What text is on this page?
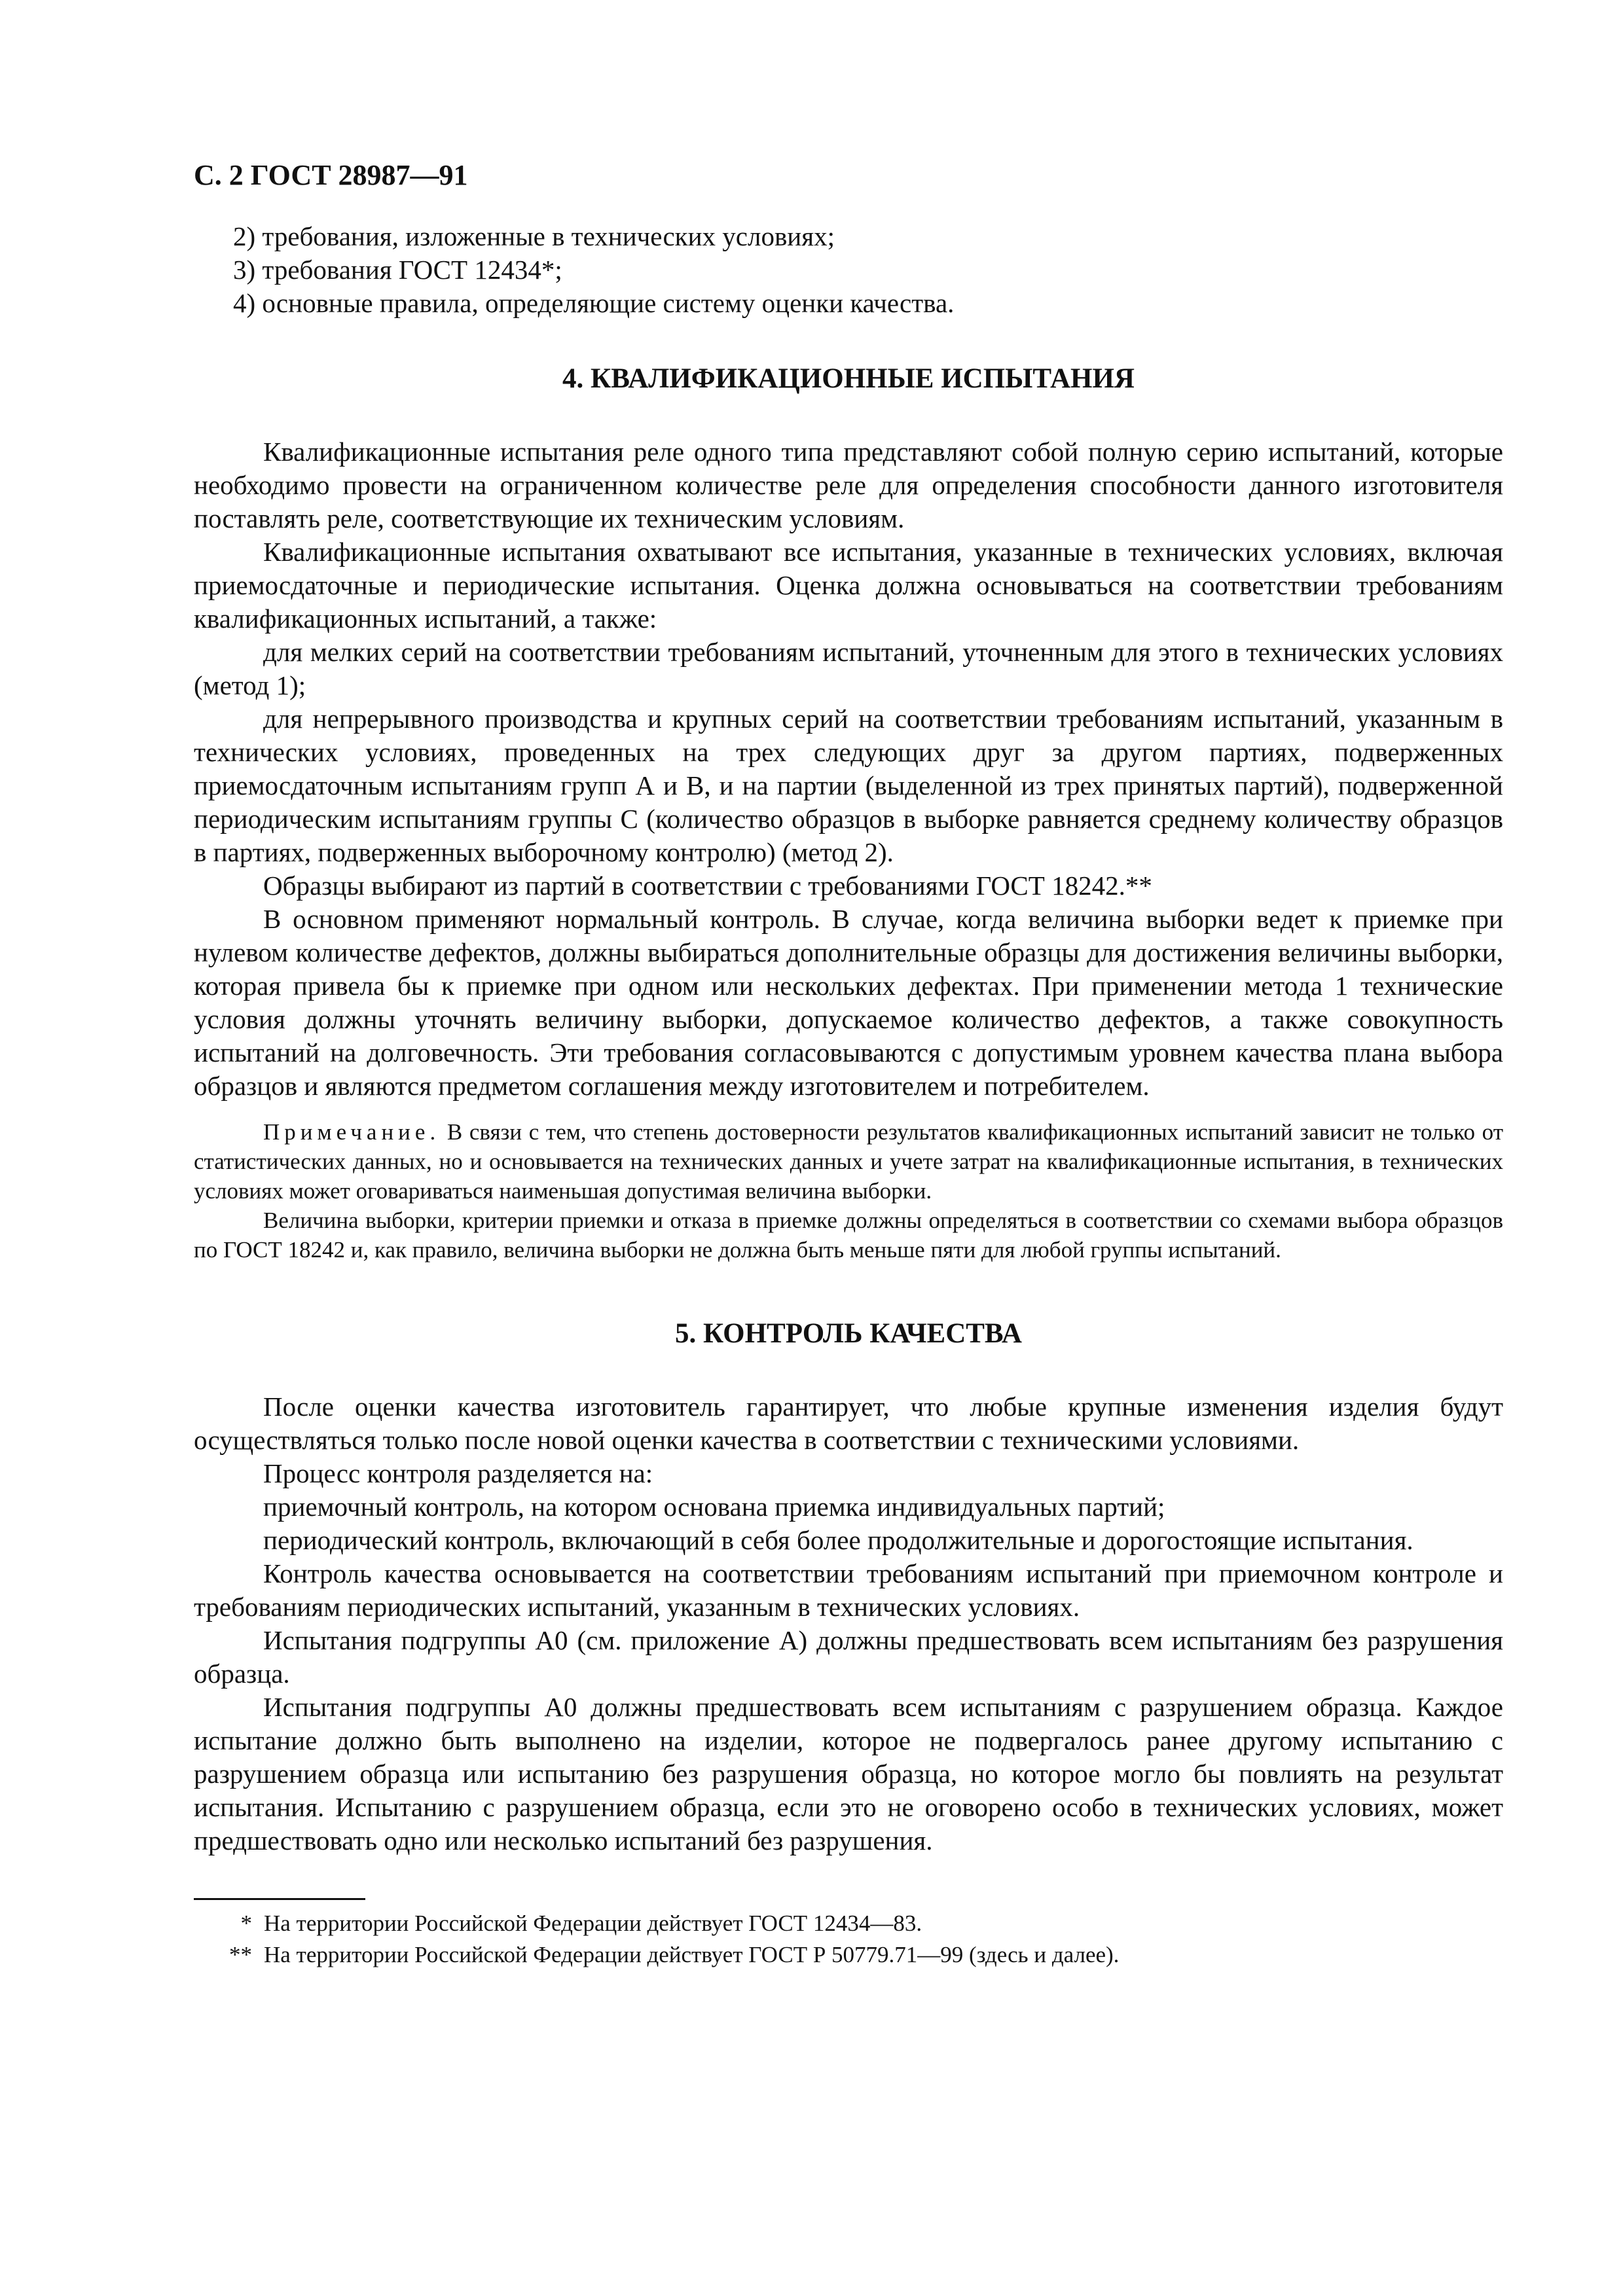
С. 2 ГОСТ 28987—91
2) требования, изложенные в технических условиях;
3) требования ГОСТ 12434*;
4) основные правила, определяющие систему оценки качества.
4. КВАЛИФИКАЦИОННЫЕ ИСПЫТАНИЯ

Квалификационные испытания реле одного типа представляют собой полную серию испытаний, которые необходимо провести на ограниченном количестве реле для определения способности данного изготовителя поставлять реле, соответствующие их техническим условиям.

Квалификационные испытания охватывают все испытания, указанные в технических условиях, включая приемосдаточные и периодические испытания. Оценка должна основываться на соответствии требованиям квалификационных испытаний, а также:

для мелких серий на соответствии требованиям испытаний, уточненным для этого в технических условиях (метод 1);

для непрерывного производства и крупных серий на соответствии требованиям испытаний, указанным в технических условиях, проведенных на трех следующих друг за другом партиях, подверженных приемосдаточным испытаниям групп А и В, и на партии (выделенной из трех принятых партий), подверженной периодическим испытаниям группы С (количество образцов в выборке равняется среднему количеству образцов в партиях, подверженных выборочному контролю) (метод 2).

Образцы выбирают из партий в соответствии с требованиями ГОСТ 18242.**

В основном применяют нормальный контроль. В случае, когда величина выборки ведет к приемке при нулевом количестве дефектов, должны выбираться дополнительные образцы для достижения величины выборки, которая привела бы к приемке при одном или нескольких дефектах. При применении метода 1 технические условия должны уточнять величину выборки, допускаемое количество дефектов, а также совокупность испытаний на долговечность. Эти требования согласовываются с допустимым уровнем качества плана выбора образцов и являются предметом соглашения между изготовителем и потребителем.

Примечание. В связи с тем, что степень достоверности результатов квалификационных испытаний зависит не только от статистических данных, но и основывается на технических данных и учете затрат на квалификационные испытания, в технических условиях может оговариваться наименьшая допустимая величина выборки.

Величина выборки, критерии приемки и отказа в приемке должны определяться в соответствии со схемами выбора образцов по ГОСТ 18242 и, как правило, величина выборки не должна быть меньше пяти для любой группы испытаний.

5. КОНТРОЛЬ КАЧЕСТВА

После оценки качества изготовитель гарантирует, что любые крупные изменения изделия будут осуществляться только после новой оценки качества в соответствии с техническими условиями.

Процесс контроля разделяется на:

приемочный контроль, на котором основана приемка индивидуальных партий;

периодический контроль, включающий в себя более продолжительные и дорогостоящие испытания.

Контроль качества основывается на соответствии требованиям испытаний при приемочном контроле и требованиям периодических испытаний, указанным в технических условиях.

Испытания подгруппы А0 (см. приложение А) должны предшествовать всем испытаниям без разрушения образца.

Испытания подгруппы А0 должны предшествовать всем испытаниям с разрушением образца. Каждое испытание должно быть выполнено на изделии, которое не подвергалось ранее другому испытанию с разрушением образца или испытанию без разрушения образца, но которое могло бы повлиять на результат испытания. Испытанию с разрушением образца, если это не оговорено особо в технических условиях, может предшествовать одно или несколько испытаний без разрушения.

* На территории Российской Федерации действует ГОСТ 12434—83.
** На территории Российской Федерации действует ГОСТ Р 50779.71—99 (здесь и далее).
